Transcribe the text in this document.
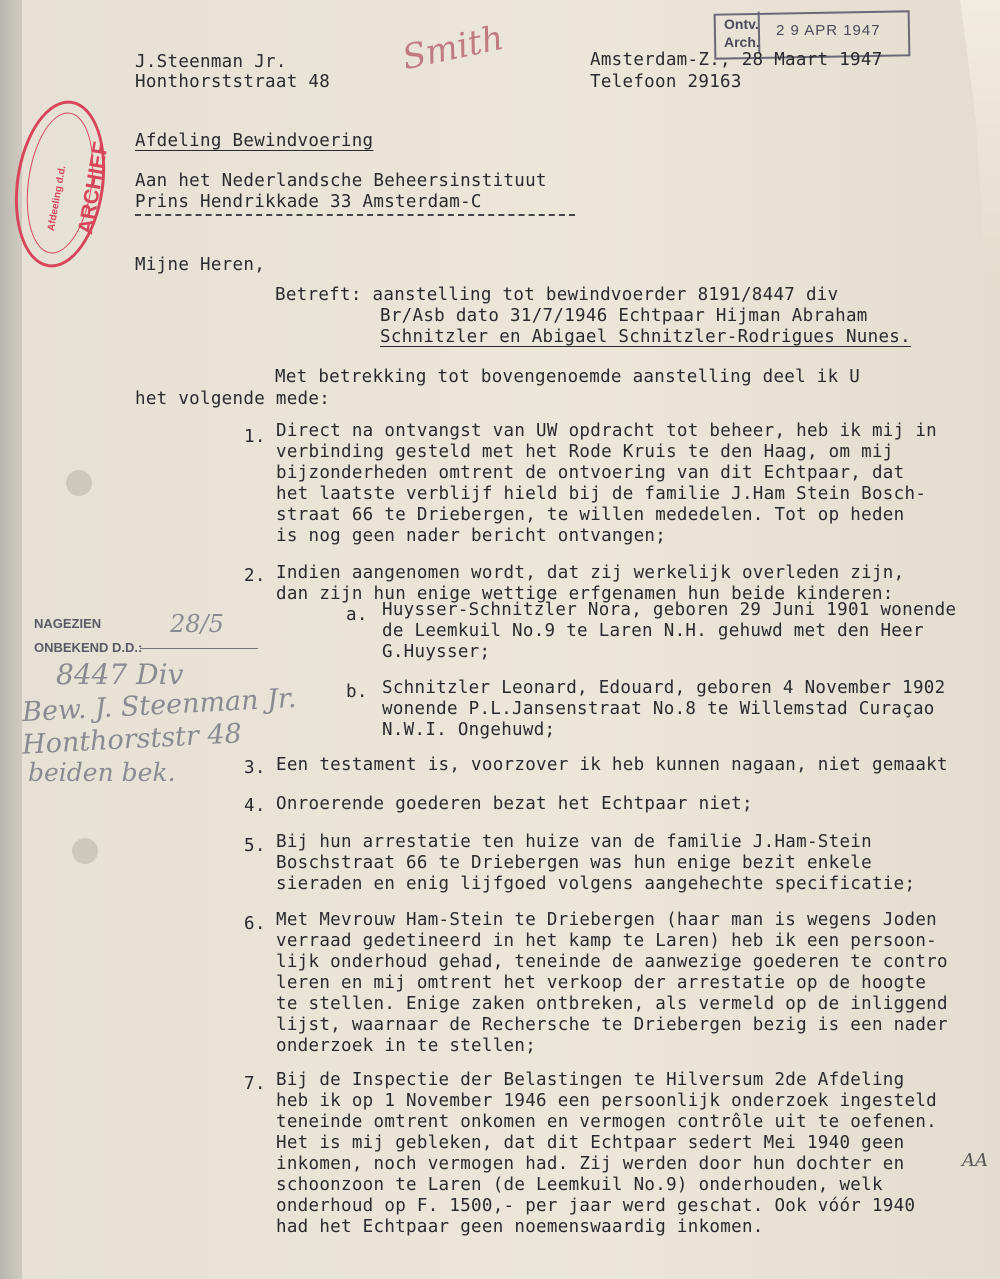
ARCHIEF
Afdeeling d.d.
Ontv.
Arch.
2 9 APR 1947
Smith
J.Steenman Jr.
Honthorststraat 48
Amsterdam-Z., 28 Maart 1947
Telefoon 29163
Afdeling Bewindvoering
Aan het Nederlandsche Beheersinstituut
Prins Hendrikkade 33 Amsterdam-C
Mijne Heren,
Betreft: aanstelling tot bewindvoerder 8191/8447 div
Br/Asb dato 31/7/1946 Echtpaar Hijman Abraham
Schnitzler en Abigael Schnitzler-Rodrigues Nunes.
Met betrekking tot bovengenoemde aanstelling deel ik U
het volgende mede:
1. Direct na ontvangst van UW opdracht tot beheer, heb ik mij in
verbinding gesteld met het Rode Kruis te den Haag, om mij
bijzonderheden omtrent de ontvoering van dit Echtpaar, dat
het laatste verblijf hield bij de familie J.Ham Stein Bosch-
straat 66 te Driebergen, te willen mededelen. Tot op heden
is nog geen nader bericht ontvangen;
2. Indien aangenomen wordt, dat zij werkelijk overleden zijn,
dan zijn hun enige wettige erfgenamen hun beide kinderen:
a. Huysser-Schnitzler Nora, geboren 29 Juni 1901 wonende
de Leemkuil No.9 te Laren N.H. gehuwd met den Heer
G.Huysser;
b. Schnitzler Leonard, Edouard, geboren 4 November 1902
wonende P.L.Jansenstraat No.8 te Willemstad Curaçao
N.W.I. Ongehuwd;
3. Een testament is, voorzover ik heb kunnen nagaan, niet gemaakt
4. Onroerende goederen bezat het Echtpaar niet;
5. Bij hun arrestatie ten huize van de familie J.Ham-Stein
Boschstraat 66 te Driebergen was hun enige bezit enkele
sieraden en enig lijfgoed volgens aangehechte specificatie;
6. Met Mevrouw Ham-Stein te Driebergen (haar man is wegens Joden
verraad gedetineerd in het kamp te Laren) heb ik een persoon-
lijk onderhoud gehad, teneinde de aanwezige goederen te contro
leren en mij omtrent het verkoop der arrestatie op de hoogte
te stellen. Enige zaken ontbreken, als vermeld op de inliggend
lijst, waarnaar de Rechersche te Driebergen bezig is een nader
onderzoek in te stellen;
7. Bij de Inspectie der Belastingen te Hilversum 2de Afdeling
heb ik op 1 November 1946 een persoonlijk onderzoek ingesteld
teneinde omtrent onkomen en vermogen contrôle uit te oefenen.
Het is mij gebleken, dat dit Echtpaar sedert Mei 1940 geen
inkomen, noch vermogen had. Zij werden door hun dochter en
schoonzoon te Laren (de Leemkuil No.9) onderhouden, welk
onderhoud op F. 1500,- per jaar werd geschat. Ook vóór 1940
had het Echtpaar geen noemenswaardig inkomen.
AA
NAGEZIEN
ONBEKEND D.D.:
28/5
8447 Div
Bew. J. Steenman Jr.
Honthorststr 48
beiden bek.
